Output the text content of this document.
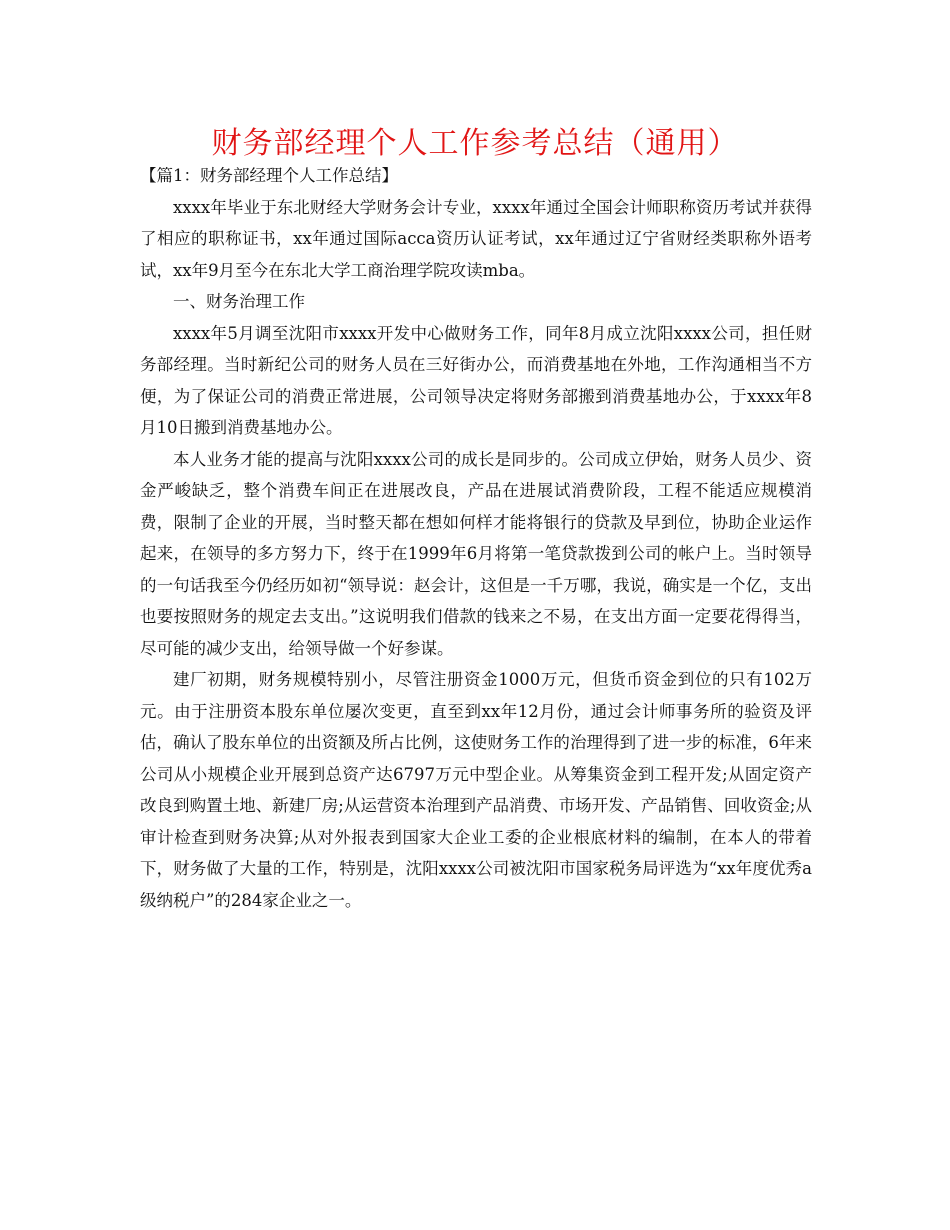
财务部经理个人工作参考总结（通用）

【篇1：财务部经理个人工作总结】

xxxx年毕业于东北财经大学财务会计专业，xxxx年通过全国会计师职称资历考试并获得了相应的职称证书，xx年通过国际acca资历认证考试，xx年通过辽宁省财经类职称外语考试，xx年9月至今在东北大学工商治理学院攻读mba。

一、财务治理工作

xxxx年5月调至沈阳市xxxx开发中心做财务工作，同年8月成立沈阳xxxx公司，担任财务部经理。当时新纪公司的财务人员在三好街办公，而消费基地在外地，工作沟通相当不方便，为了保证公司的消费正常进展，公司领导决定将财务部搬到消费基地办公，于xxxx年8月10日搬到消费基地办公。

本人业务才能的提高与沈阳xxxx公司的成长是同步的。公司成立伊始，财务人员少、资金严峻缺乏，整个消费车间正在进展改良，产品在进展试消费阶段，工程不能适应规模消费，限制了企业的开展，当时整天都在想如何样才能将银行的贷款及早到位，协助企业运作起来，在领导的多方努力下，终于在1999年6月将第一笔贷款拨到公司的帐户上。当时领导的一句话我至今仍经历如初“领导说：赵会计，这但是一千万哪，我说，确实是一个亿，支出也要按照财务的规定去支出。”这说明我们借款的钱来之不易，在支出方面一定要花得得当，尽可能的减少支出，给领导做一个好参谋。

建厂初期，财务规模特别小，尽管注册资金1000万元，但货币资金到位的只有102万元。由于注册资本股东单位屡次变更，直至到xx年12月份，通过会计师事务所的验资及评估，确认了股东单位的出资额及所占比例，这使财务工作的治理得到了进一步的标准，6年来公司从小规模企业开展到总资产达6797万元中型企业。从筹集资金到工程开发;从固定资产改良到购置土地、新建厂房;从运营资本治理到产品消费、市场开发、产品销售、回收资金;从审计检查到财务决算;从对外报表到国家大企业工委的企业根底材料的编制，在本人的带着下，财务做了大量的工作，特别是，沈阳xxxx公司被沈阳市国家税务局评选为“xx年度优秀a级纳税户”的284家企业之一。
